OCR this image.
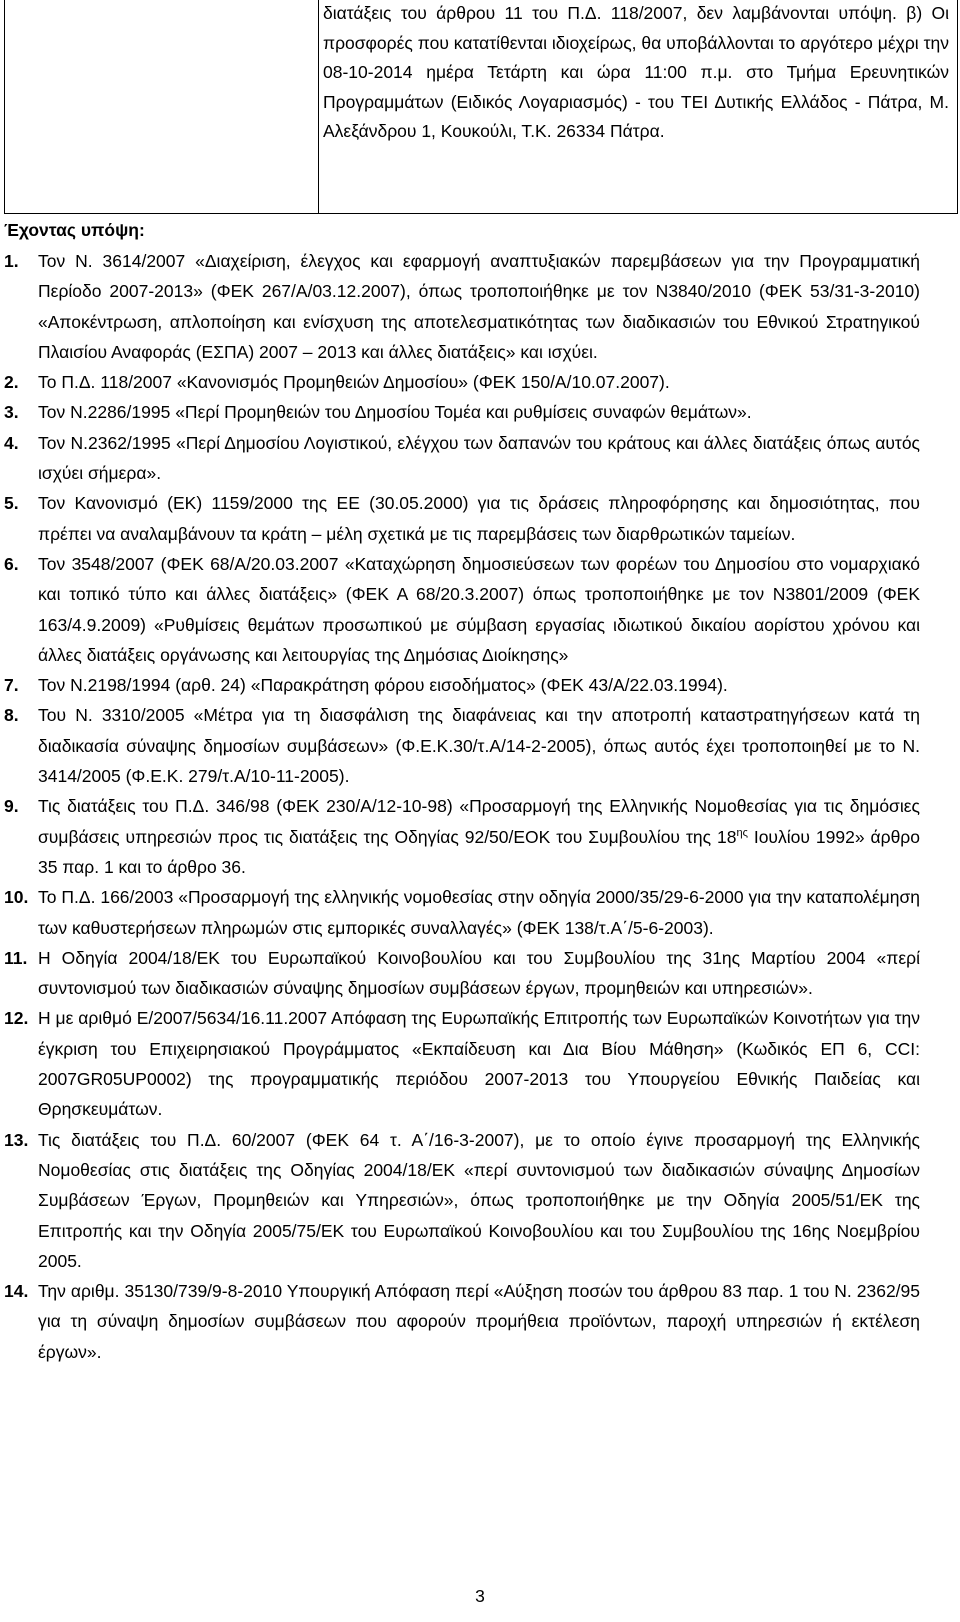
διατάξεις του άρθρου 11 του Π.Δ. 118/2007, δεν λαμβάνονται υπόψη. β) Οι προσφορές που κατατίθενται ιδιοχείρως, θα υποβάλλονται το αργότερο μέχρι την 08-10-2014 ημέρα Τετάρτη και ώρα 11:00 π.μ. στο Τμήμα Ερευνητικών Προγραμμάτων (Ειδικός Λογαριασμός) - του ΤΕΙ Δυτικής Ελλάδος - Πάτρα, Μ. Αλεξάνδρου 1, Κουκούλι, Τ.Κ. 26334 Πάτρα.
Έχοντας υπόψη:
1. Τον Ν. 3614/2007 «Διαχείριση, έλεγχος και εφαρμογή αναπτυξιακών παρεμβάσεων για την Προγραμματική Περίοδο 2007-2013» (ΦΕΚ 267/Α/03.12.2007), όπως τροποποιήθηκε με τον Ν3840/2010 (ΦΕΚ 53/31-3-2010) «Αποκέντρωση, απλοποίηση και ενίσχυση της αποτελεσματικότητας των διαδικασιών του Εθνικού Στρατηγικού Πλαισίου Αναφοράς (ΕΣΠΑ) 2007 – 2013 και άλλες διατάξεις» και ισχύει.
2. Το Π.Δ. 118/2007 «Κανονισμός Προμηθειών Δημοσίου» (ΦΕΚ 150/Α/10.07.2007).
3. Τον Ν.2286/1995 «Περί Προμηθειών του Δημοσίου Τομέα και ρυθμίσεις συναφών θεμάτων».
4. Τον Ν.2362/1995 «Περί Δημοσίου Λογιστικού, ελέγχου των δαπανών του κράτους και άλλες διατάξεις όπως αυτός ισχύει σήμερα».
5. Τον Κανονισμό (ΕΚ) 1159/2000 της ΕΕ (30.05.2000) για τις δράσεις πληροφόρησης και δημοσιότητας, που πρέπει να αναλαμβάνουν τα κράτη – μέλη σχετικά με τις παρεμβάσεις των διαρθρωτικών ταμείων.
6. Τον 3548/2007 (ΦΕΚ 68/Α/20.03.2007 «Καταχώρηση δημοσιεύσεων των φορέων του Δημοσίου στο νομαρχιακό και τοπικό τύπο και άλλες διατάξεις» (ΦΕΚ Α 68/20.3.2007) όπως τροποποιήθηκε με τον Ν3801/2009 (ΦΕΚ 163/4.9.2009) «Ρυθμίσεις θεμάτων προσωπικού με σύμβαση εργασίας ιδιωτικού δικαίου αορίστου χρόνου και άλλες διατάξεις οργάνωσης και λειτουργίας της Δημόσιας Διοίκησης»
7. Τον Ν.2198/1994 (αρθ. 24) «Παρακράτηση φόρου εισοδήματος» (ΦΕΚ 43/Α/22.03.1994).
8. Του Ν. 3310/2005 «Μέτρα για τη διασφάλιση της διαφάνειας και την αποτροπή καταστρατηγήσεων κατά τη διαδικασία σύναψης δημοσίων συμβάσεων» (Φ.Ε.Κ.30/τ.Α/14-2-2005), όπως αυτός έχει τροποποιηθεί με το Ν. 3414/2005 (Φ.Ε.Κ. 279/τ.Α/10-11-2005).
9. Τις διατάξεις του Π.Δ. 346/98 (ΦΕΚ 230/Α/12-10-98) «Προσαρμογή της Ελληνικής Νομοθεσίας για τις δημόσιες συμβάσεις υπηρεσιών προς τις διατάξεις της Οδηγίας 92/50/ΕΟΚ του Συμβουλίου της $18^{\eta\varsigma}$ Ιουλίου 1992» άρθρο 35 παρ. 1 και το άρθρο 36.
10. Το Π.Δ. 166/2003 «Προσαρμογή της ελληνικής νομοθεσίας στην οδηγία 2000/35/29-6-2000 για την καταπολέμηση των καθυστερήσεων πληρωμών στις εμπορικές συναλλαγές» (ΦΕΚ 138/τ.Α΄/5-6-2003).
11. Η Οδηγία 2004/18/ΕΚ του Ευρωπαϊκού Κοινοβουλίου και του Συμβουλίου της 31ης Μαρτίου 2004 «περί συντονισμού των διαδικασιών σύναψης δημοσίων συμβάσεων έργων, προμηθειών και υπηρεσιών».
12. Η με αριθμό Ε/2007/5634/16.11.2007 Απόφαση της Ευρωπαϊκής Επιτροπής των Ευρωπαϊκών Κοινοτήτων για την έγκριση του Επιχειρησιακού Προγράμματος «Εκπαίδευση και Δια Βίου Μάθηση» (Κωδικός ΕΠ 6, CCI: 2007GR05UP0002) της προγραμματικής περιόδου 2007-2013 του Υπουργείου Εθνικής Παιδείας και Θρησκευμάτων.
13. Τις διατάξεις του Π.Δ. 60/2007 (ΦΕΚ 64 τ. Α΄/16-3-2007), με το οποίο έγινε προσαρμογή της Ελληνικής Νομοθεσίας στις διατάξεις της Οδηγίας 2004/18/ΕΚ «περί συντονισμού των διαδικασιών σύναψης Δημοσίων Συμβάσεων Έργων, Προμηθειών και Υπηρεσιών», όπως τροποποιήθηκε με την Οδηγία 2005/51/ΕΚ της Επιτροπής και την Οδηγία 2005/75/ΕΚ του Ευρωπαϊκού Κοινοβουλίου και του Συμβουλίου της 16ης Νοεμβρίου 2005.
14. Την αριθμ. 35130/739/9-8-2010 Υπουργική Απόφαση περί «Αύξηση ποσών του άρθρου 83 παρ. 1 του Ν. 2362/95 για τη σύναψη δημοσίων συμβάσεων που αφορούν προμήθεια προϊόντων, παροχή υπηρεσιών ή εκτέλεση έργων».
3
